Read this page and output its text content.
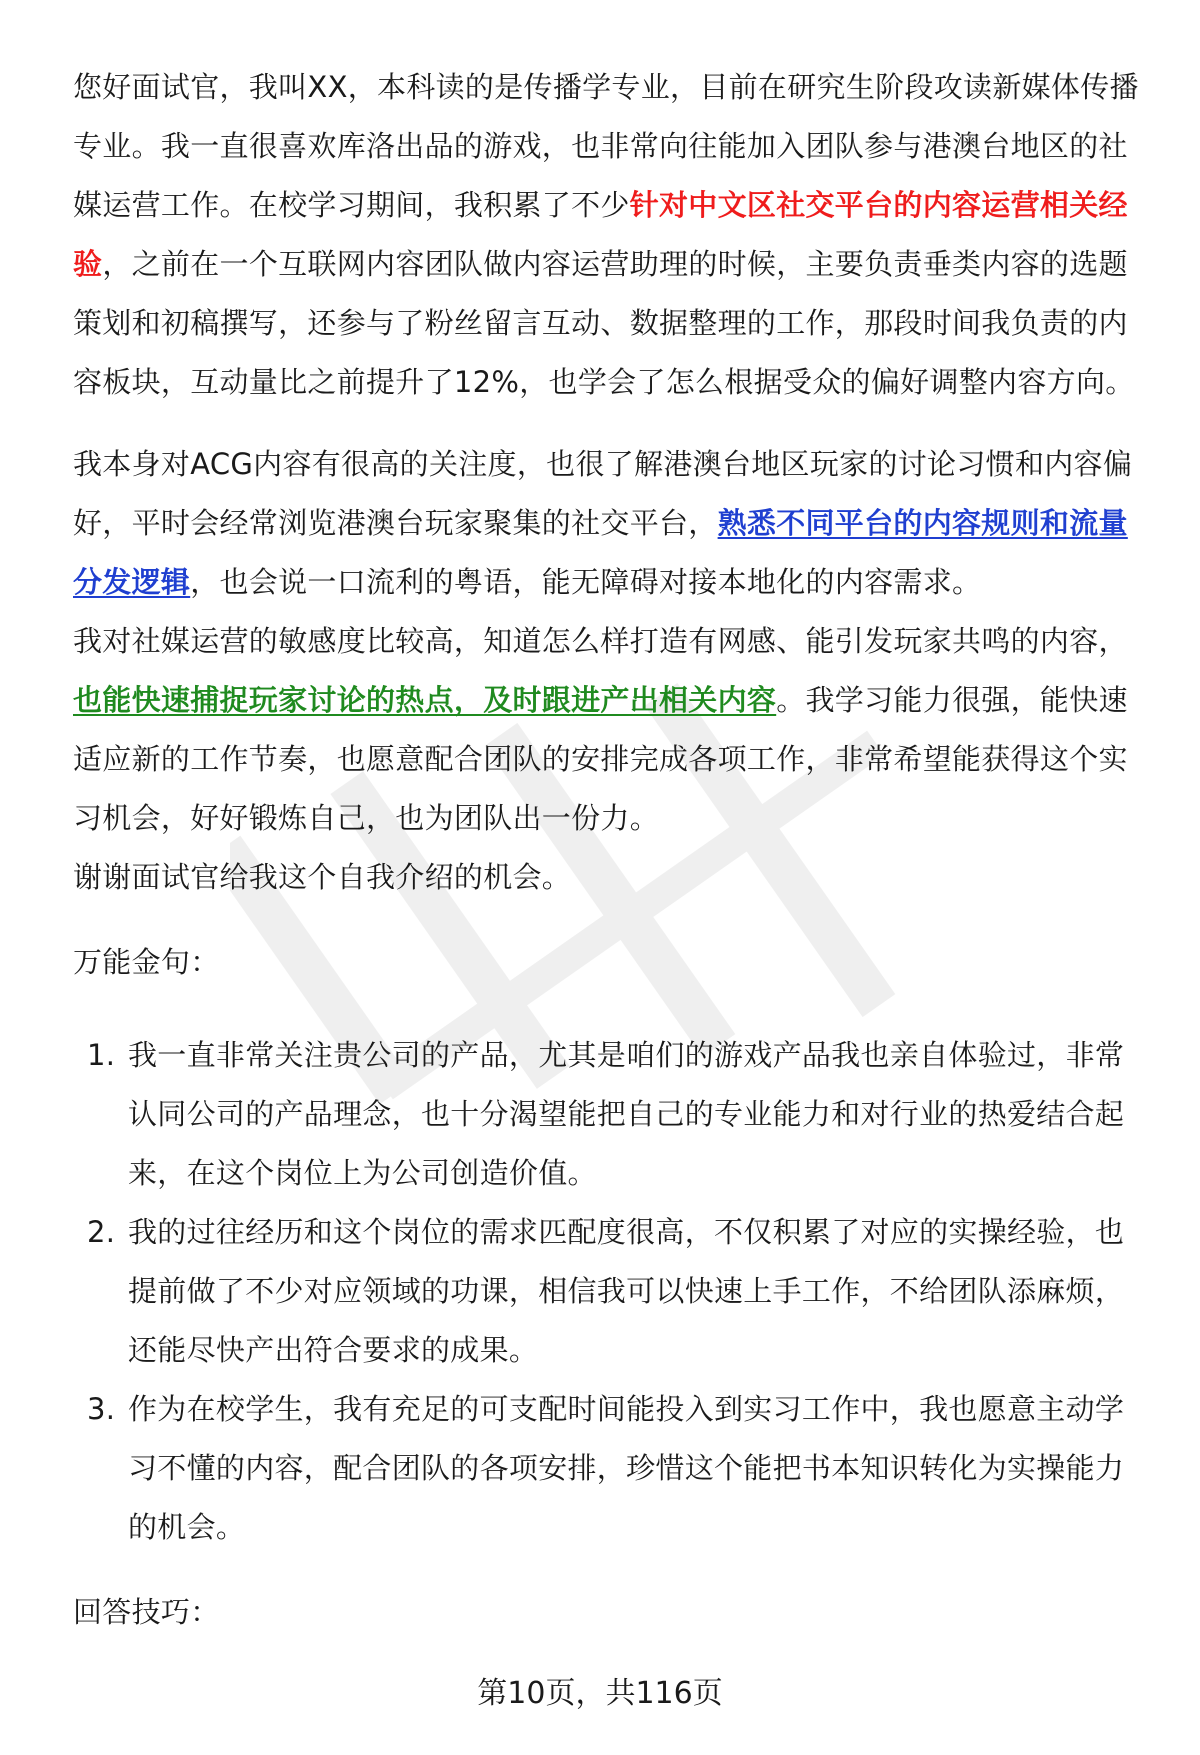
您好面试官，我叫XX，本科读的是传播学专业，目前在研究生阶段攻读新媒体传播专业。我一直很喜欢库洛出品的游戏，也非常向往能加入团队参与港澳台地区的社媒运营工作。在校学习期间，我积累了不少针对中文区社交平台的内容运营相关经验，之前在一个互联网内容团队做内容运营助理的时候，主要负责垂类内容的选题策划和初稿撰写，还参与了粉丝留言互动、数据整理的工作，那段时间我负责的内容板块，互动量比之前提升了12%，也学会了怎么根据受众的偏好调整内容方向。

我本身对ACG内容有很高的关注度，也很了解港澳台地区玩家的讨论习惯和内容偏好，平时会经常浏览港澳台玩家聚集的社交平台，熟悉不同平台的内容规则和流量分发逻辑，也会说一口流利的粤语，能无障碍对接本地化的内容需求。

我对社媒运营的敏感度比较高，知道怎么样打造有网感、能引发玩家共鸣的内容，也能快速捕捉玩家讨论的热点，及时跟进产出相关内容。我学习能力很强，能快速适应新的工作节奏，也愿意配合团队的安排完成各项工作，非常希望能获得这个实习机会，好好锻炼自己，也为团队出一份力。

谢谢面试官给我这个自我介绍的机会。

万能金句：

1. 我一直非常关注贵公司的产品，尤其是咱们的游戏产品我也亲自体验过，非常认同公司的产品理念，也十分渴望能把自己的专业能力和对行业的热爱结合起来，在这个岗位上为公司创造价值。
2. 我的过往经历和这个岗位的需求匹配度很高，不仅积累了对应的实操经验，也提前做了不少对应领域的功课，相信我可以快速上手工作，不给团队添麻烦，还能尽快产出符合要求的成果。
3. 作为在校学生，我有充足的可支配时间能投入到实习工作中，我也愿意主动学习不懂的内容，配合团队的各项安排，珍惜这个能把书本知识转化为实操能力的机会。

回答技巧：

第10页，共116页
